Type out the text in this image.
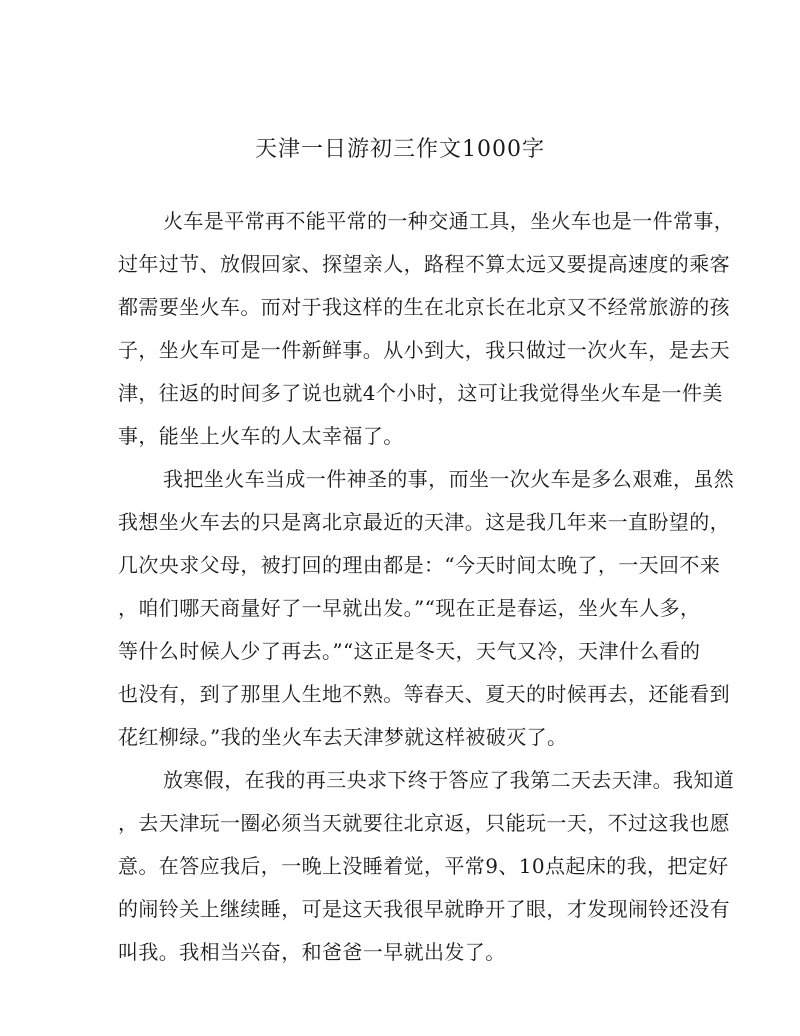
天津一日游初三作文1000字
火车是平常再不能平常的一种交通工具，坐火车也是一件常事，
过年过节、放假回家、探望亲人，路程不算太远又要提高速度的乘客
都需要坐火车。而对于我这样的生在北京长在北京又不经常旅游的孩
子，坐火车可是一件新鲜事。从小到大，我只做过一次火车，是去天
津，往返的时间多了说也就4个小时，这可让我觉得坐火车是一件美
事，能坐上火车的人太幸福了。
我把坐火车当成一件神圣的事，而坐一次火车是多么艰难，虽然
我想坐火车去的只是离北京最近的天津。这是我几年来一直盼望的，
几次央求父母，被打回的理由都是：“今天时间太晚了，一天回不来
，咱们哪天商量好了一早就出发。”“现在正是春运，坐火车人多，
等什么时候人少了再去。”“这正是冬天，天气又冷，天津什么看的
也没有，到了那里人生地不熟。等春天、夏天的时候再去，还能看到
花红柳绿。”我的坐火车去天津梦就这样被破灭了。
放寒假，在我的再三央求下终于答应了我第二天去天津。我知道
，去天津玩一圈必须当天就要往北京返，只能玩一天，不过这我也愿
意。在答应我后，一晚上没睡着觉，平常9、10点起床的我，把定好
的闹铃关上继续睡，可是这天我很早就睁开了眼，才发现闹铃还没有
叫我。我相当兴奋，和爸爸一早就出发了。
